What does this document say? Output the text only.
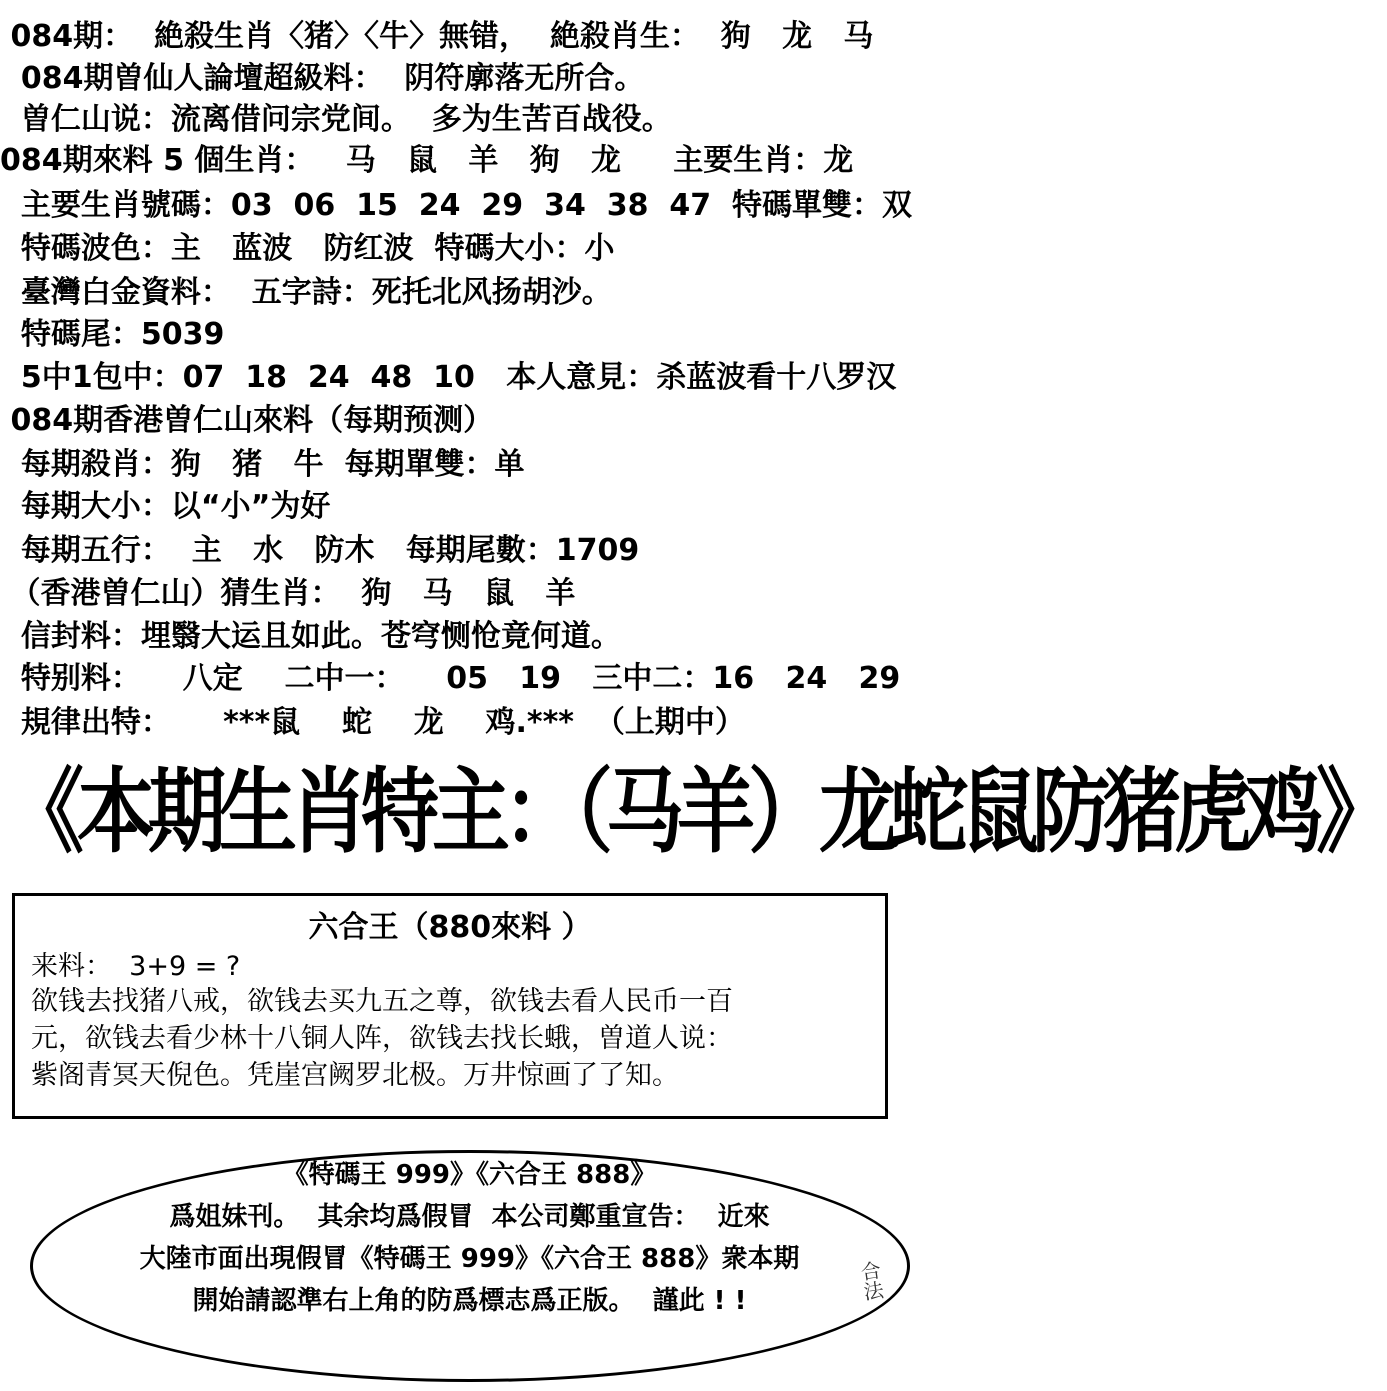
084期：  絶殺生肖〈猪〉〈牛〉無错，  絶殺肖生：  狗   龙   马
084期曽仙人論壇超級料：  阴符廓落无所合。
曽仁山说：流离借问宗党间。  多为生苦百战役。
084期來料 5 個生肖：   马   鼠   羊   狗   龙     主要生肖：龙
主要生肖號碼：03  06  15  24  29  34  38  47  特碼單雙：双
特碼波色：主   蓝波   防红波  特碼大小：小
臺灣白金資料：  五字詩：死托北风扬胡沙。
特碼尾：5039
5中1包中：07  18  24  48  10   本人意見：杀蓝波看十八罗汉
084期香港曽仁山來料（每期预测）
每期殺肖：狗   猪   牛  每期單雙：单
每期大小：以“小”为好
每期五行：  主   水   防木   每期尾數：1709
（香港曽仁山）猜生肖：  狗   马   鼠   羊
信封料：埋翳大运且如此。苍穹恻怆竟何道。
特别料：    八定    二中一：    05   19   三中二：16   24   29
規律出特：     ***鼠    蛇    龙    鸡.***  （上期中）
《本期生肖特主：（马羊）龙蛇鼠防猪虎鸡》
六合王（880來料 ）
来料：  3+9 = ?
欲钱去找猪八戒，欲钱去买九五之尊，欲钱去看人民币一百
元，欲钱去看少林十八铜人阵，欲钱去找长蛾，曽道人说：
紫阁青冥天倪色。凭崖宫阙罗北极。万井惊画了了知。
《特碼王 999》《六合王 888》
爲姐妹刊。  其余均爲假冒  本公司鄭重宣告：  近來
大陸市面出現假冒《特碼王 999》《六合王 888》衆本期
開始請認準右上角的防爲標志爲正版。  謹此 ! !	合法
